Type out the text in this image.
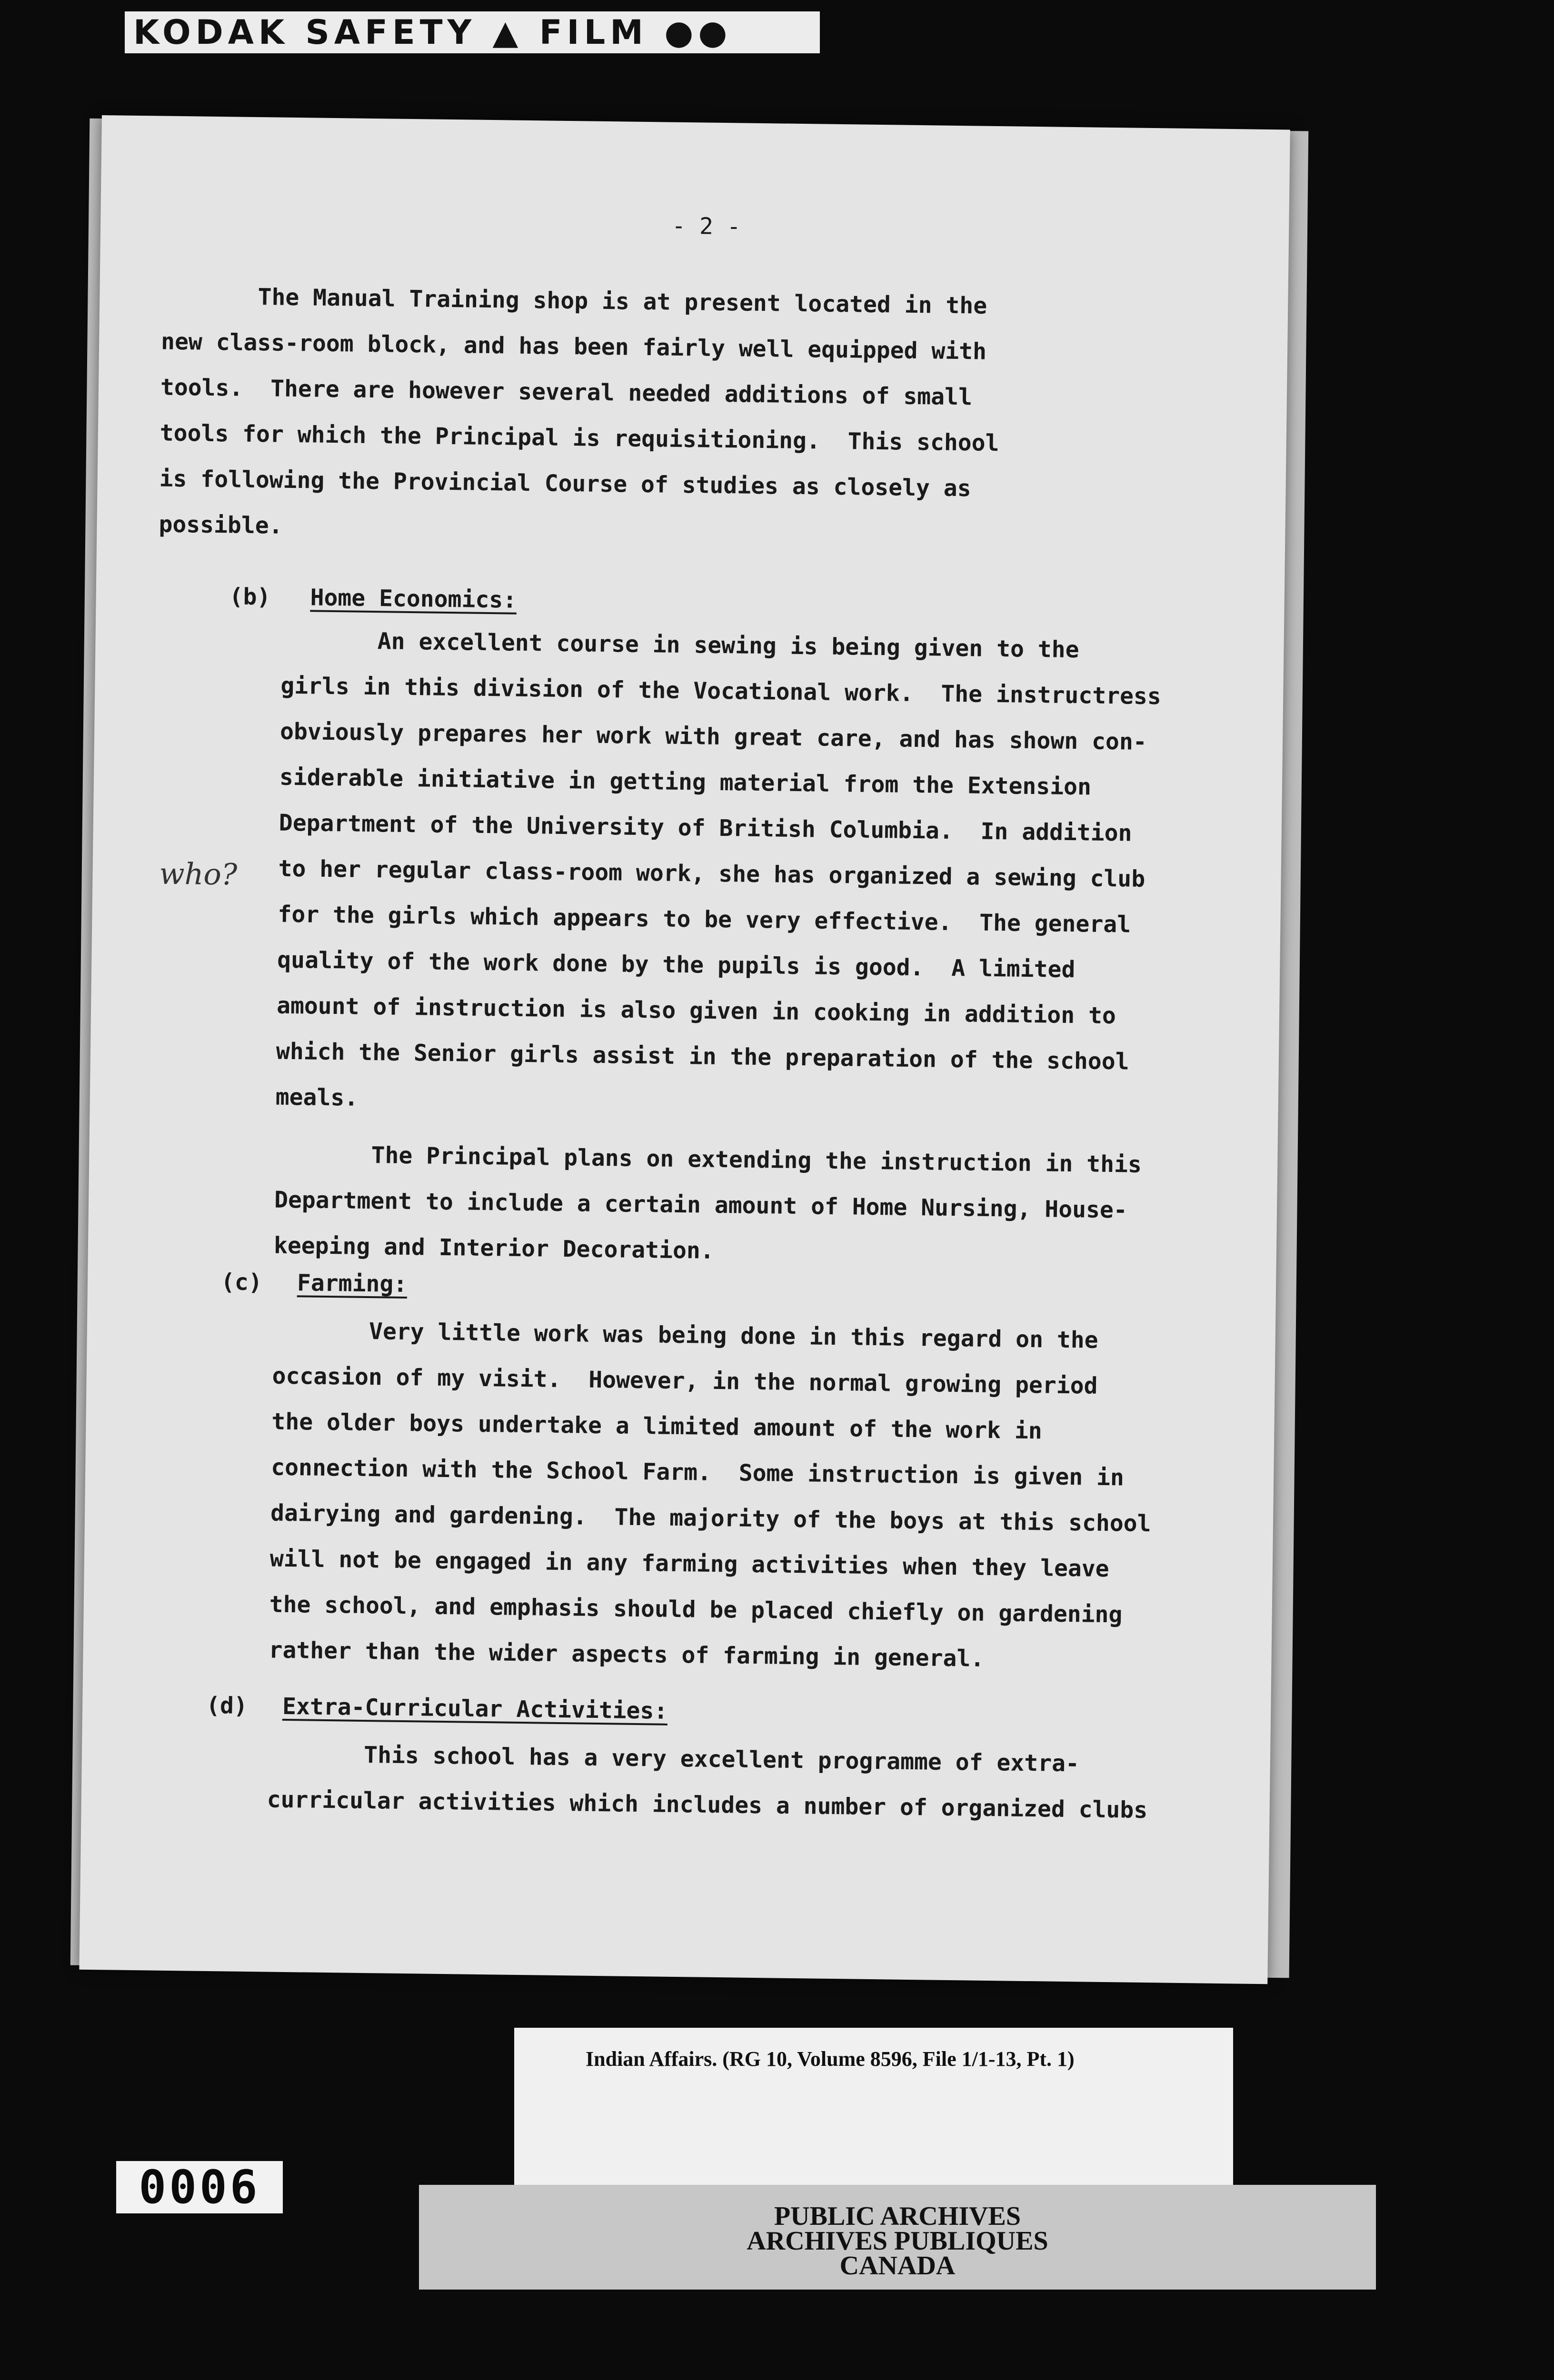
KODAK SAFETY ▲ FILM ●●
- 2 -
The Manual Training shop is at present located in the
new class-room block, and has been fairly well equipped with
tools.  There are however several needed additions of small
tools for which the Principal is requisitioning.  This school
is following the Provincial Course of studies as closely as
possible.
(b) Home Economics:
An excellent course in sewing is being given to the
girls in this division of the Vocational work.  The instructress
obviously prepares her work with great care, and has shown con-
siderable initiative in getting material from the Extension
Department of the University of British Columbia.  In addition
to her regular class-room work, she has organized a sewing club
for the girls which appears to be very effective.  The general
quality of the work done by the pupils is good.  A limited
amount of instruction is also given in cooking in addition to
which the Senior girls assist in the preparation of the school
meals.
The Principal plans on extending the instruction in this
Department to include a certain amount of Home Nursing, House-
keeping and Interior Decoration.
(c) Farming:
Very little work was being done in this regard on the
occasion of my visit.  However, in the normal growing period
the older boys undertake a limited amount of the work in
connection with the School Farm.  Some instruction is given in
dairying and gardening.  The majority of the boys at this school
will not be engaged in any farming activities when they leave
the school, and emphasis should be placed chiefly on gardening
rather than the wider aspects of farming in general.
(d) Extra-Curricular Activities:
This school has a very excellent programme of extra-
curricular activities which includes a number of organized clubs
who?
Indian Affairs. (RG 10, Volume 8596, File 1/1-13, Pt. 1)
PUBLIC ARCHIVES
ARCHIVES PUBLIQUES
CANADA
0006
